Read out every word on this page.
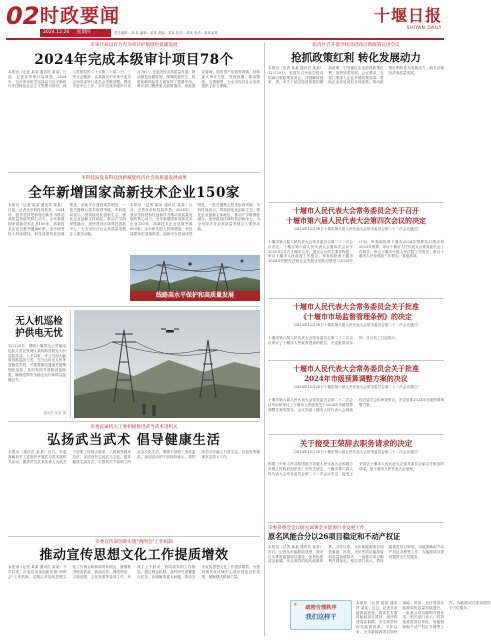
02 时政要闻
2024.12.26 星期四	责任编辑：刘 某 编辑：某某 美编：某某 校对：某某 电话：某某某某
十堰日报
SHIYAN DAILY
市审计局以有力有为审计护航绿色低碳发展
2024年完成本级审计项目78个
本报讯（记者 某某 通讯员 某某）日前，记者从市审计局获悉，2024年，全市审计机关坚持以习近平新时代中国特色社会主义思想为指导，深入贯彻党的二十大和二十届二中、三中全会精神，认真落实中央审计委员会和省委审计委员会决策部署，围绕市委中心工作，全年完成本级审计项目78个，在促进经济高质量发展、推动绿色低碳转型、保障改善民生、防范化解风险等方面发挥了重要作用。审计部门聚焦重大政策落实、财政资金管理、国有资产运营等领域，持续加大审计力度，发现问题、推动整改、完善制度，为全市经济社会发展提供了有力保障。
市科技局发布科技创新赋能经济社会高质量发展成果
全年新增国家高新技术企业150家
本报讯（记者 某某 通讯员 某某）日前，记者从市科技局获悉，2024年，我市坚持把科技创新作为推动高质量发展的核心动力，全年新增国家高新技术企业150家，高新技术企业总数突破600家。全市研发投入持续增加，科技成果转化加速推进，创新平台建设成效明显，一批关键核心技术取得突破。市科技局表示，将持续优化创新生态，强化企业创新主体地位，推动产学研深度融合，加快建设区域科技创新中心，为全市经济社会高质量发展注入强劲动能。
本报讯（记者 某某 通讯员 某某）日前，记者从市科技局获悉，2024年，我市坚持把科技创新作为推动高质量发展的核心动力，全年新增国家高新技术企业150家，高新技术企业总数突破600家。全市研发投入持续增加，科技成果转化加速推进，创新平台建设成效明显，一批关键核心技术取得突破。市科技局表示，将持续优化创新生态，强化企业创新主体地位，推动产学研深度融合，加快建设区域科技创新中心，为全市经济社会高质量发展注入强劲动能。
线路高水平保护和高质量发展
无人机巡检护供电无忧
12月25日，国网十堰供电公司输电运检人员在张湾区某线路开展无人机巡检作业。入冬以来，该公司加大输电线路巡视力度，充分运用无人机等智能化手段，对重要输电通道开展精细化巡检，及时发现并消除设备隐患，确保电网安全稳定运行和群众温暖过冬。
通讯员 某某 摄
市委直属机关工委积极推进武当武术进机关
弘扬武当武术 倡导健康生活
本报讯（通讯员 某某）近日，市委直属机关工委组织开展武当武术进机关活动，邀请武当武术传承人为机关干部职工传授太极拳、八段锦等健身功法。活动旨在弘扬武当文化，倡导健康生活方式，丰富机关干部职工的业余文化生活，增强干部职工身体素质。参加活动的干部纷纷表示，将把所学功法融入日常生活，以良好的精神状态投入工作。
市委宣传部创新实施"两例会"工作机制
推动宣传思想文化工作提质增效
本报讯（记者 某某 通讯员 某某）今年以来，市委宣传部创新实施"两例会"工作机制，定期召开宣传思想文化工作例会和新闻发布例会，统筹推进理论武装、新闻宣传、网络舆论、文明创建、文化发展等各项工作，形成了上下联动、协同高效的工作格局。通过例会机制，及时研究部署重点任务，协调解决重大问题，推动全市宣传思想文化工作提质增效，为建设现代化区域中心城市营造良好氛围，凝聚强大精神力量。
张湾区召开低空经济招商引资政策宣讲会议
抢抓政策红利 转化发展动力
本报讯（记者 某某 通讯员 某某）12月25日，张湾区召开低空经济招商引资政策宣讲会，详细解读国家、省、市关于低空经济发展的最新政策，引导辖区企业抢抓政策红利，加快转型发展。会议要求，各部门要深入企业开展政策宣讲，帮助企业用足用好各项政策，推动政策红利转化为发展动力，助力区域经济高质量发展。
十堰市人民代表大会常务委员会关于召开
十堰市第六届人民代表大会第四次会议的决定
（2024年12月20日十堰市第六届人民代表大会常务委员会第二十二次会议通过）
十堰市第六届人民代表大会常务委员会第二十二次会议决定：十堰市第六届人民代表大会第四次会议于2025年1月在十堰市召开。建议会议的主要议程是：审议十堰市人民政府工作报告；审查和批准十堰市2024年国民经济和社会发展计划执行情况与2025年计划；审查和批准十堰市2024年预算执行情况和2025年预算；审议十堰市人民代表大会常务委员会工作报告；审议十堰市中级人民法院工作报告；审议十堰市人民检察院工作报告；其他事项。
十堰市人民代表大会常务委员会关于批准
《十堰市市场监督管理条例》的决定
（2024年12月20日十堰市第六届人民代表大会常务委员会第二十二次会议通过）
十堰市第六届人民代表大会常务委员会第二十二次会议审议了十堰市人民政府提请的报告，决定批准该条例，自公布之日起施行。
十堰市人民代表大会常务委员会关于批准
2024年市级预算调整方案的决议
（2024年12月20日十堰市第六届人民代表大会常务委员会第二十二次会议通过）
十堰市第六届人民代表大会常务委员会第二十二次会议听取和审议了十堰市人民政府关于2024年市级预算调整方案的报告。会议同意十堰市人民代表大会财政经济委员会的审查报告，决定批准2024年市级预算调整方案。
关于接受王荣辞去职务请求的决定
（2024年12月20日十堰市第六届人民代表大会常务委员会第二十二次会议通过）
根据《中华人民共和国地方各级人民代表大会和地方各级人民政府组织法》的有关规定，十堰市第六届人民代表大会常务委员会第二十二次会议决定：接受王荣辞去十堰市人民代表大会常务委员会副主任职务的请求，报十堰市人民代表大会备案。
市委常委会会议研究部署全市能源行业发展工作
原名风能合分以26项目稳定和不动产权证
本报讯（记者 某某 通讯员 某某）近日，记者从市能源局获悉，我市扎实推进能源项目建设，加快构建清洁低碳、安全高效的现代能源体系。今年以来，全市新能源项目加快落地，风电、光伏等清洁能源装机容量持续提升，一批重点项目顺利并网发电。相关部门表示，将持续推进项目审批、用地保障和不动产权证办理等工作，为能源项目建设提供全方位服务。
本报讯（记者 某某 通讯员 某某）近日，记者从市能源局获悉，我市扎实推进能源项目建设，加快构建清洁低碳、安全高效的现代能源体系。今年以来，全市新能源项目加快落地，风电、光伏等清洁能源装机容量持续提升，一批重点项目顺利并网发电。相关部门表示，将持续推进项目审批、用地保障和不动产权证办理等工作，为能源项目建设提供全方位服务。
疏密合理秩序
我们这样干
★
